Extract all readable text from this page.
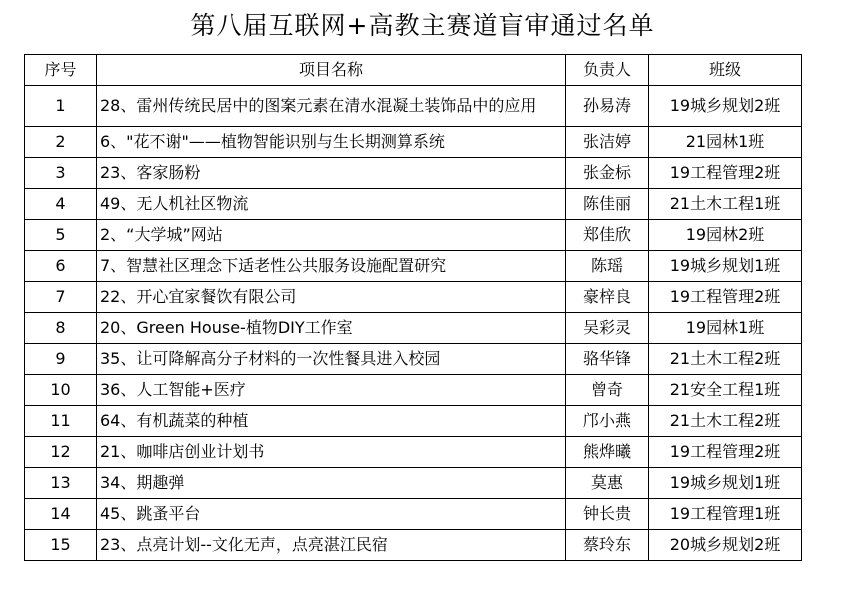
第八届互联网+高教主赛道盲审通过名单
序号	项目名称	负责人	班级
1	28、雷州传统民居中的图案元素在清水混凝土装饰品中的应用	孙易涛	19城乡规划2班
2	6、"花不谢"——植物智能识别与生长期测算系统	张洁婷	21园林1班
3	23、客家肠粉	张金标	19工程管理2班
4	49、无人机社区物流	陈佳丽	21土木工程1班
5	2、“大学城”网站	郑佳欣	19园林2班
6	7、智慧社区理念下适老性公共服务设施配置研究	陈瑶	19城乡规划1班
7	22、开心宜家餐饮有限公司	豪梓良	19工程管理2班
8	20、Green House-植物DIY工作室	吴彩灵	19园林1班
9	35、让可降解高分子材料的一次性餐具进入校园	骆华锋	21土木工程2班
10	36、人工智能+医疗	曾奇	21安全工程1班
11	64、有机蔬菜的种植	邝小燕	21土木工程2班
12	21、咖啡店创业计划书	熊烨曦	19工程管理2班
13	34、期趣弹	莫惠	19城乡规划1班
14	45、跳蚤平台	钟长贵	19工程管理1班
15	23、点亮计划--文化无声，点亮湛江民宿	蔡玲东	20城乡规划2班
